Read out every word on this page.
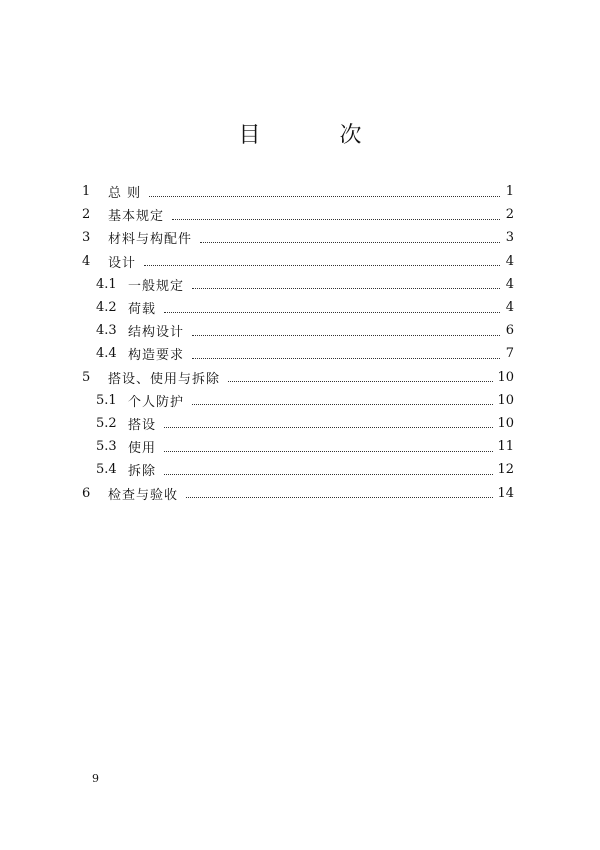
目 次
1	总 则	1
2	基本规定	2
3	材料与构配件	3
4	设计	4
4.1 一般规定	4
4.2 荷载	4
4.3 结构设计	6
4.4 构造要求	7
5	搭设、使用与拆除	10
5.1 个人防护	10
5.2 搭设	10
5.3 使用	11
5.4 拆除	12
6	检查与验收	14
9
